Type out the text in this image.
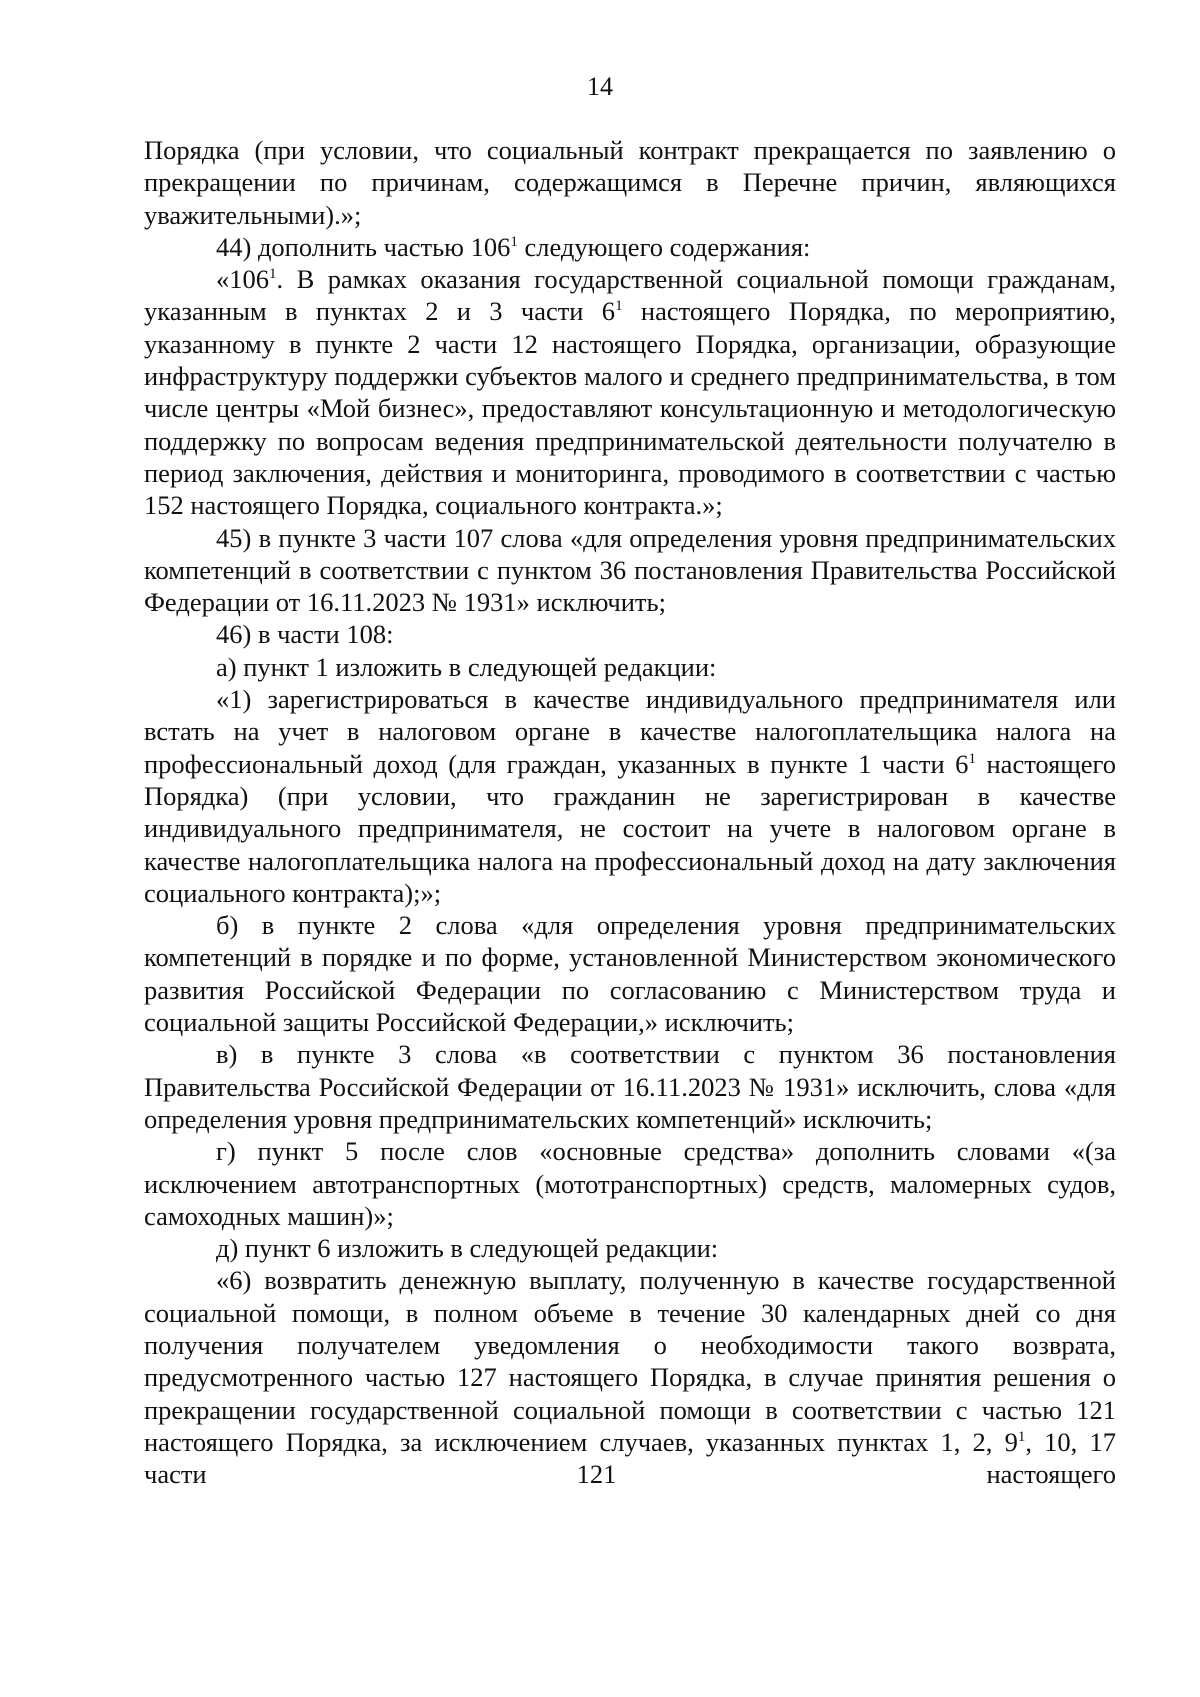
14

Порядка (при условии, что социальный контракт прекращается по заявлению о прекращении по причинам, содержащимся в Перечне причин, являющихся уважительными).»;

44) дополнить частью $106^1$ следующего содержания:

«$106^1$. В рамках оказания государственной социальной помощи гражданам, указанным в пунктах 2 и 3 части $6^1$ настоящего Порядка, по мероприятию, указанному в пункте 2 части 12 настоящего Порядка, организации, образующие инфраструктуру поддержки субъектов малого и среднего предпринимательства, в том числе центры «Мой бизнес», предоставляют консультационную и методологическую поддержку по вопросам ведения предпринимательской деятельности получателю в период заключения, действия и мониторинга, проводимого в соответствии с частью 152 настоящего Порядка, социального контракта.»;

45) в пункте 3 части 107 слова «для определения уровня предпринимательских компетенций в соответствии с пунктом 36 постановления Правительства Российской Федерации от 16.11.2023 № 1931» исключить;

46) в части 108:

а) пункт 1 изложить в следующей редакции:

«1) зарегистрироваться в качестве индивидуального предпринимателя или встать на учет в налоговом органе в качестве налогоплательщика налога на профессиональный доход (для граждан, указанных в пункте 1 части $6^1$ настоящего Порядка) (при условии, что гражданин не зарегистрирован в качестве индивидуального предпринимателя, не состоит на учете в налоговом органе в качестве налогоплательщика налога на профессиональный доход на дату заключения социального контракта);»;

б) в пункте 2 слова «для определения уровня предпринимательских компетенций в порядке и по форме, установленной Министерством экономического развития Российской Федерации по согласованию с Министерством труда и социальной защиты Российской Федерации,» исключить;

в) в пункте 3 слова «в соответствии с пунктом 36 постановления Правительства Российской Федерации от 16.11.2023 № 1931» исключить, слова «для определения уровня предпринимательских компетенций» исключить;

г) пункт 5 после слов «основные средства» дополнить словами «(за исключением автотранспортных (мототранспортных) средств, маломерных судов, самоходных машин)»;

д) пункт 6 изложить в следующей редакции:

«6) возвратить денежную выплату, полученную в качестве государственной социальной помощи, в полном объеме в течение 30 календарных дней со дня получения получателем уведомления о необходимости такого возврата, предусмотренного частью 127 настоящего Порядка, в случае принятия решения о прекращении государственной социальной помощи в соответствии с частью 121 настоящего Порядка, за исключением случаев, указанных пунктах 1, 2, $9^1$, 10, 17 части 121 настоящего
